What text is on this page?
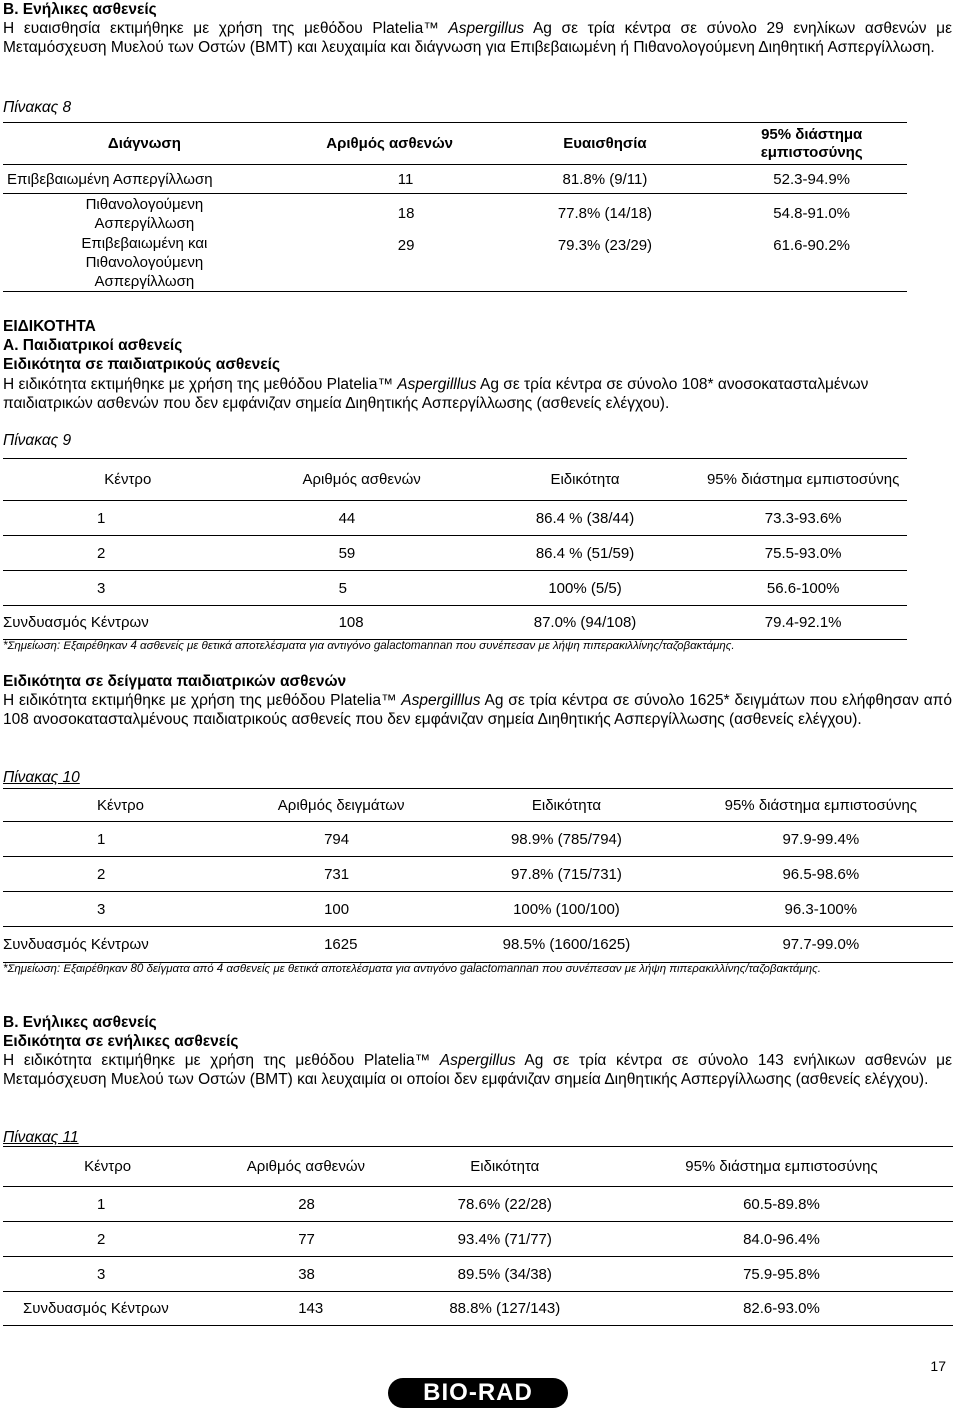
Β. Ενήλικες ασθενείς
Η ευαισθησία εκτιμήθηκε με χρήση της μεθόδου Platelia™ Aspergillus Ag σε τρία κέντρα σε σύνολο 29 ενηλίκων ασθενών με Μεταμόσχευση Μυελού των Οστών (BMT) και λευχαιμία και διάγνωση για Επιβεβαιωμένη ή Πιθανολογούμενη Διηθητική Ασπεργίλλωση.
Πίνακας 8
Διάγνωση	Αριθμός ασθενών	Ευαισθησία	95% διάστημα εμπιστοσύνης
Επιβεβαιωμένη Ασπεργίλλωση	11	81.8% (9/11)	52.3-94.9%
Πιθανολογούμενη Ασπεργίλλωση	18	77.8% (14/18)	54.8-91.0%
Επιβεβαιωμένη και Πιθανολογούμενη Ασπεργίλλωση	29	79.3% (23/29)	61.6-90.2%
ΕΙΔΙΚΟΤΗΤΑ
Α. Παιδιατρικοί ασθενείς
Ειδικότητα σε παιδιατρικούς ασθενείς
Η ειδικότητα εκτιμήθηκε με χρήση της μεθόδου Platelia™ Aspergilllus Ag σε τρία κέντρα σε σύνολο 108* ανοσοκατασταλμένων παιδιατρικών ασθενών που δεν εμφάνιζαν σημεία Διηθητικής Ασπεργίλλωσης (ασθενείς ελέγχου).
Πίνακας 9
Κέντρο	Αριθμός ασθενών	Ειδικότητα	95% διάστημα εμπιστοσύνης
1	44	86.4 % (38/44)	73.3-93.6%
2	59	86.4 % (51/59)	75.5-93.0%
3	5	100% (5/5)	56.6-100%
Συνδυασμός Κέντρων	108	87.0% (94/108)	79.4-92.1%
*Σημείωση: Εξαιρέθηκαν 4 ασθενείς με θετικά αποτελέσματα για αντιγόνο galactomannan που συνέπεσαν με λήψη πιπερακιλλίνης/ταζοβακτάμης.
Ειδικότητα σε δείγματα παιδιατρικών ασθενών
Η ειδικότητα εκτιμήθηκε με χρήση της μεθόδου Platelia™ Aspergilllus Ag σε τρία κέντρα σε σύνολο 1625* δειγμάτων που ελήφθησαν από 108 ανοσοκατασταλμένους παιδιατρικούς ασθενείς που δεν εμφάνιζαν σημεία Διηθητικής Ασπεργίλλωσης (ασθενείς ελέγχου).
Πίνακας 10
Κέντρο	Αριθμός δειγμάτων	Ειδικότητα	95% διάστημα εμπιστοσύνης
1	794	98.9% (785/794)	97.9-99.4%
2	731	97.8% (715/731)	96.5-98.6%
3	100	100% (100/100)	96.3-100%
Συνδυασμός Κέντρων	1625	98.5% (1600/1625)	97.7-99.0%
*Σημείωση: Εξαιρέθηκαν 80 δείγματα από 4 ασθενείς με θετικά αποτελέσματα για αντιγόνο galactomannan που συνέπεσαν με λήψη πιπερακιλλίνης/ταζοβακτάμης.
Β. Ενήλικες ασθενείς
Ειδικότητα σε ενήλικες ασθενείς
Η ειδικότητα εκτιμήθηκε με χρήση της μεθόδου Platelia™ Aspergillus Ag σε τρία κέντρα σε σύνολο 143 ενήλικων ασθενών με Μεταμόσχευση Μυελού των Οστών (BMT) και λευχαιμία οι οποίοι δεν εμφάνιζαν σημεία Διηθητικής Ασπεργίλλωσης (ασθενείς ελέγχου).
Πίνακας 11
Κέντρο	Αριθμός ασθενών	Ειδικότητα	95% διάστημα εμπιστοσύνης
1	28	78.6% (22/28)	60.5-89.8%
2	77	93.4% (71/77)	84.0-96.4%
3	38	89.5% (34/38)	75.9-95.8%
Συνδυασμός Κέντρων	143	88.8% (127/143)	82.6-93.0%
17
BIO-RAD
